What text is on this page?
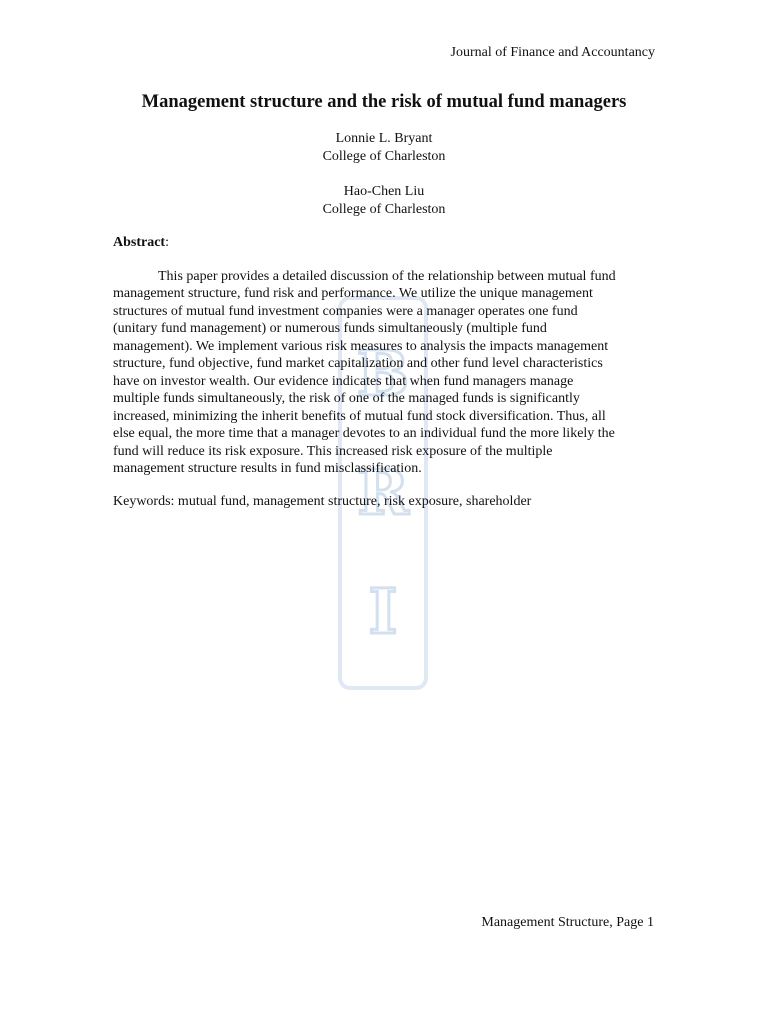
B
R
I
Journal of Finance and Accountancy
Management structure and the risk of mutual fund managers
Lonnie L. Bryant
College of Charleston
Hao-Chen Liu
College of Charleston
Abstract:
This paper provides a detailed discussion of the relationship between mutual fund
management structure, fund risk and performance. We utilize the unique management
structures of mutual fund investment companies were a manager operates one fund
(unitary fund management) or numerous funds simultaneously (multiple fund
management). We implement various risk measures to analysis the impacts management
structure, fund objective, fund market capitalization and other fund level characteristics
have on investor wealth. Our evidence indicates that when fund managers manage
multiple funds simultaneously, the risk of one of the managed funds is significantly
increased, minimizing the inherit benefits of mutual fund stock diversification. Thus, all
else equal, the more time that a manager devotes to an individual fund the more likely the
fund will reduce its risk exposure. This increased risk exposure of the multiple
management structure results in fund misclassification.
Keywords: mutual fund, management structure, risk exposure, shareholder
Management Structure, Page 1
